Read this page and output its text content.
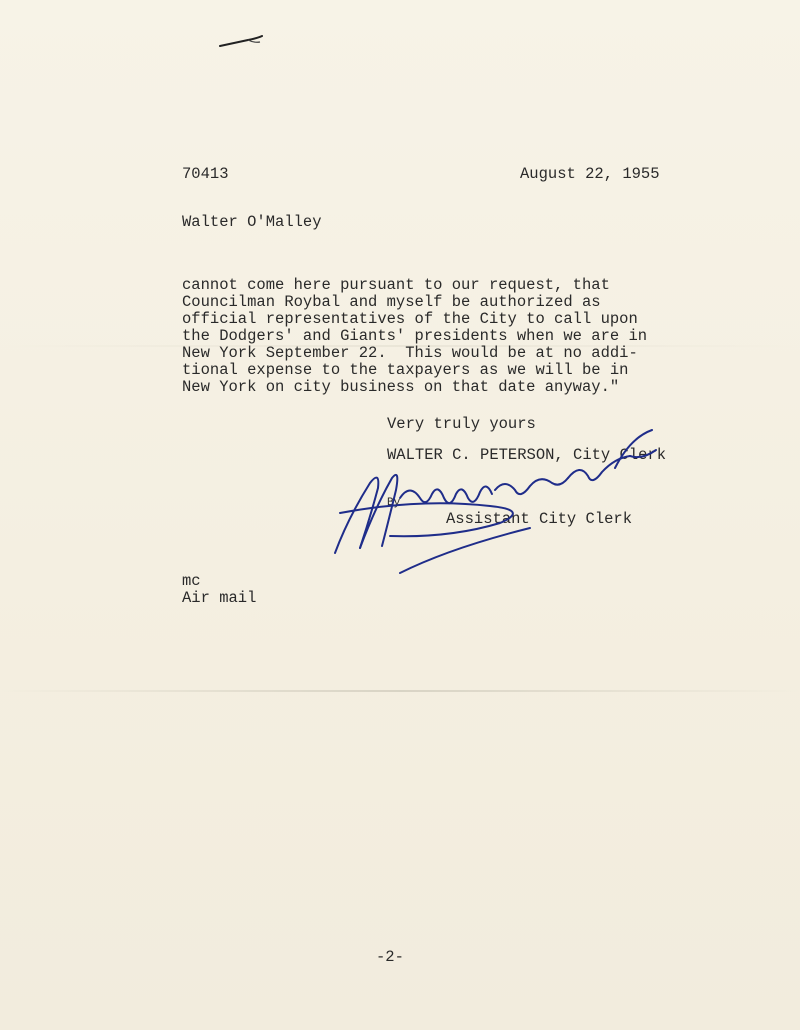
70413	August 22, 1955
Walter O'Malley
cannot come here pursuant to our request, that
Councilman Roybal and myself be authorized as
official representatives of the City to call upon
the Dodgers' and Giants' presidents when we are in
New York September 22.  This would be at no addi-
tional expense to the taxpayers as we will be in
New York on city business on that date anyway."
Very truly yours
WALTER C. PETERSON, City Clerk
By
Assistant City Clerk
mc
Air mail
-2-
